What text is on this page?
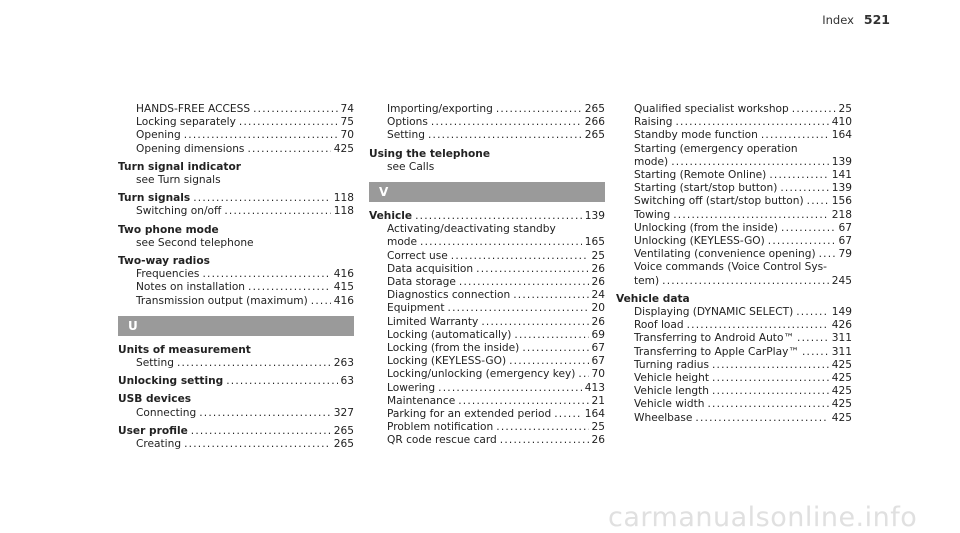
Index 521
HANDS-FREE ACCESS .....	74
Locking separately .....	75
Opening .....	70
Opening dimensions .....	425
Turn signal indicator
see Turn signals
Turn signals .....	118
Switching on/off .....	118
Two phone mode
see Second telephone
Two-way radios
Frequencies .....	416
Notes on installation .....	415
Transmission output (maximum) ..... 416
U
Units of measurement
Setting .....	263
Unlocking setting .....	63
USB devices
Connecting .....	327
User profile .....	265
Creating .....	265
Importing/exporting .....	265
Options .....	266
Setting .....	265
Using the telephone
see Calls
V
Vehicle .....	139
Activating/deactivating standby
mode .....	165
Correct use .....	25
Data acquisition .....	26
Data storage .....	26
Diagnostics connection .....	24
Equipment .....	20
Limited Warranty .....	26
Locking (automatically) .....	69
Locking (from the inside) .....	67
Locking (KEYLESS-GO) .....	67
Locking/unlocking (emergency key) ..... 70
Lowering .....	413
Maintenance .....	21
Parking for an extended period .....	164
Problem notification .....	25
QR code rescue card .....	26
Qualified specialist workshop .....	25
Raising .....	410
Standby mode function .....	164
Starting (emergency operation
mode) .....	139
Starting (Remote Online) .....	141
Starting (start/stop button) .....	139
Switching off (start/stop button) .....	156
Towing .....	218
Unlocking (from the inside) .....	67
Unlocking (KEYLESS-GO) .....	67
Ventilating (convenience opening) ..... 79
Voice commands (Voice Control Sys-
tem) .....	245
Vehicle data
Displaying (DYNAMIC SELECT) .....	149
Roof load .....	426
Transferring to Android Auto™ .....	311
Transferring to Apple CarPlay™ .....	311
Turning radius .....	425
Vehicle height .....	425
Vehicle length .....	425
Vehicle width .....	425
Wheelbase .....	425
carmanualsonline.info
